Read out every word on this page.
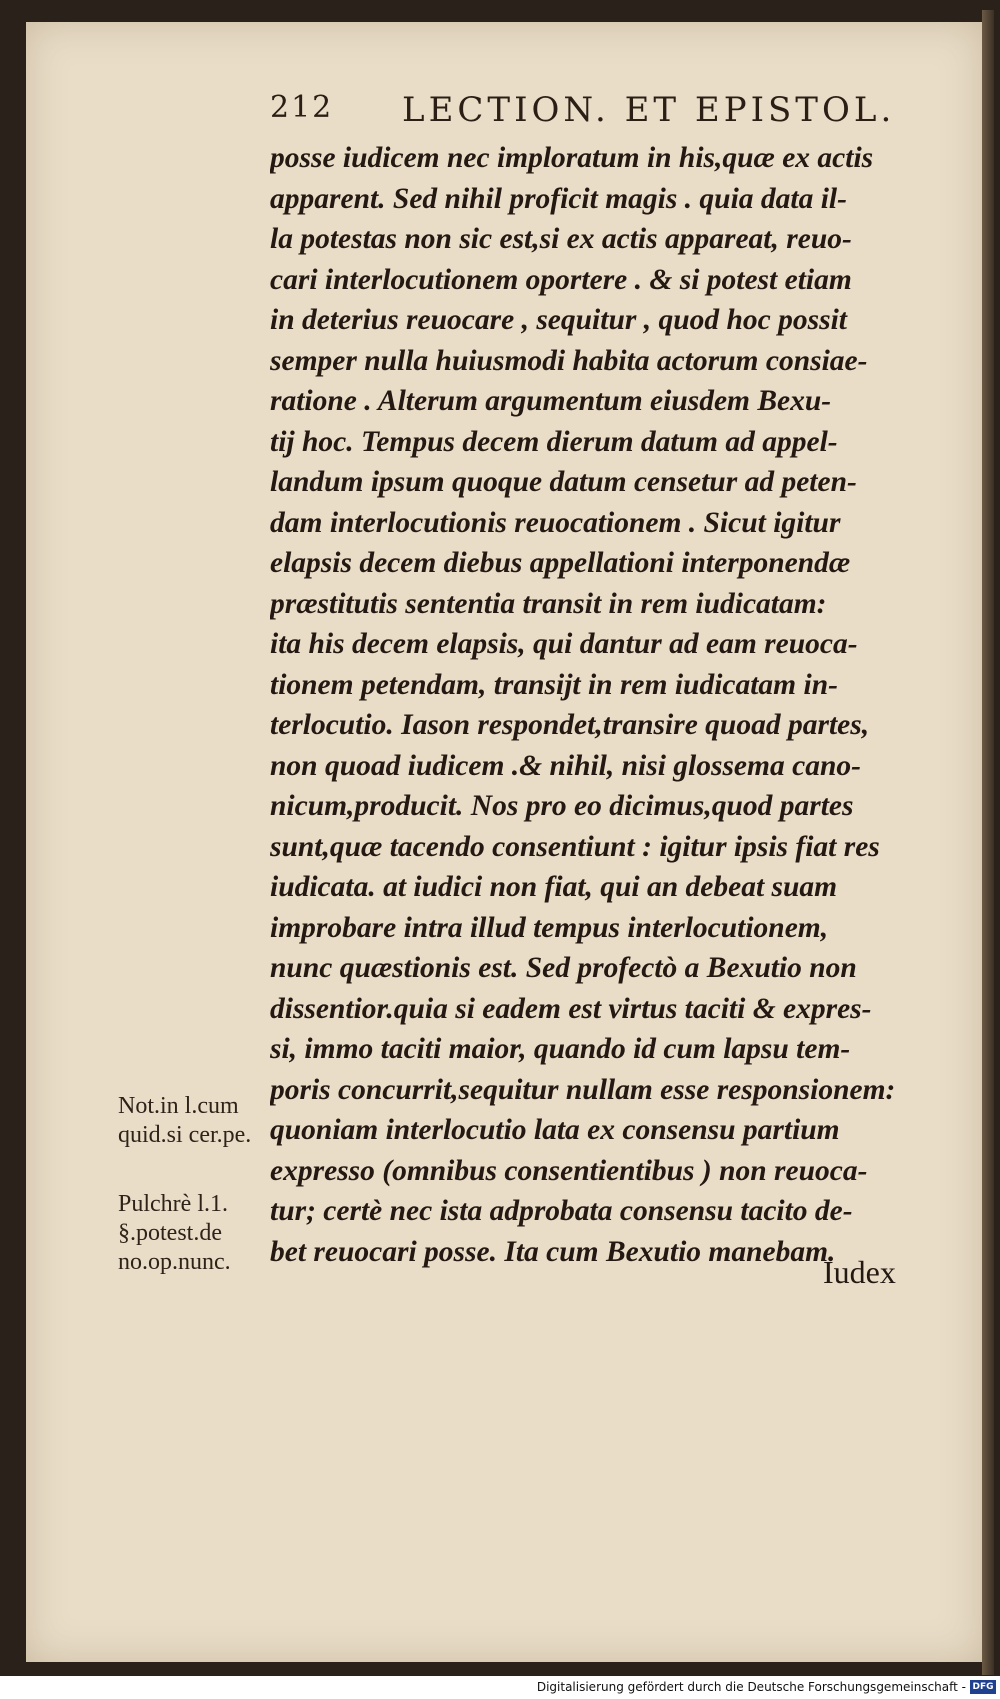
212 LECTION. ET EPISTOL.
posse iudicem nec imploratum in his,quæ ex actis
apparent. Sed nihil proficit magis . quia data il-
la potestas non sic est,si ex actis appareat, reuo-
cari interlocutionem oportere . & si potest etiam
in deterius reuocare , sequitur , quod hoc possit
semper nulla huiusmodi habita actorum consiae-
ratione . Alterum argumentum eiusdem Bexu-
tij hoc. Tempus decem dierum datum ad appel-
landum ipsum quoque datum censetur ad peten-
dam interlocutionis reuocationem . Sicut igitur
elapsis decem diebus appellationi interponendæ
præstitutis sententia transit in rem iudicatam:
ita his decem elapsis, qui dantur ad eam reuoca-
tionem petendam, transijt in rem iudicatam in-
terlocutio. Iason respondet,transire quoad partes,
non quoad iudicem .& nihil, nisi glossema cano-
nicum,producit. Nos pro eo dicimus,quod partes
sunt,quæ tacendo consentiunt : igitur ipsis fiat res
iudicata. at iudici non fiat, qui an debeat suam
improbare intra illud tempus interlocutionem,
nunc quæstionis est. Sed profectò a Bexutio non
dissentior.quia si eadem est virtus taciti & expres-
si, immo taciti maior, quando id cum lapsu tem-
poris concurrit,sequitur nullam esse responsionem:
quoniam interlocutio lata ex consensu partium
expresso (omnibus consentientibus ) non reuoca-
tur; certè nec ista adprobata consensu tacito de-
bet reuocari posse. Ita cum Bexutio manebam.
Iudex
Not.in l.cum
quid.si cer.pe.
Pulchrè l.1.
§.potest.de
no.op.nunc.
Digitalisierung gefördert durch die Deutsche Forschungsgemeinschaft - DFG
